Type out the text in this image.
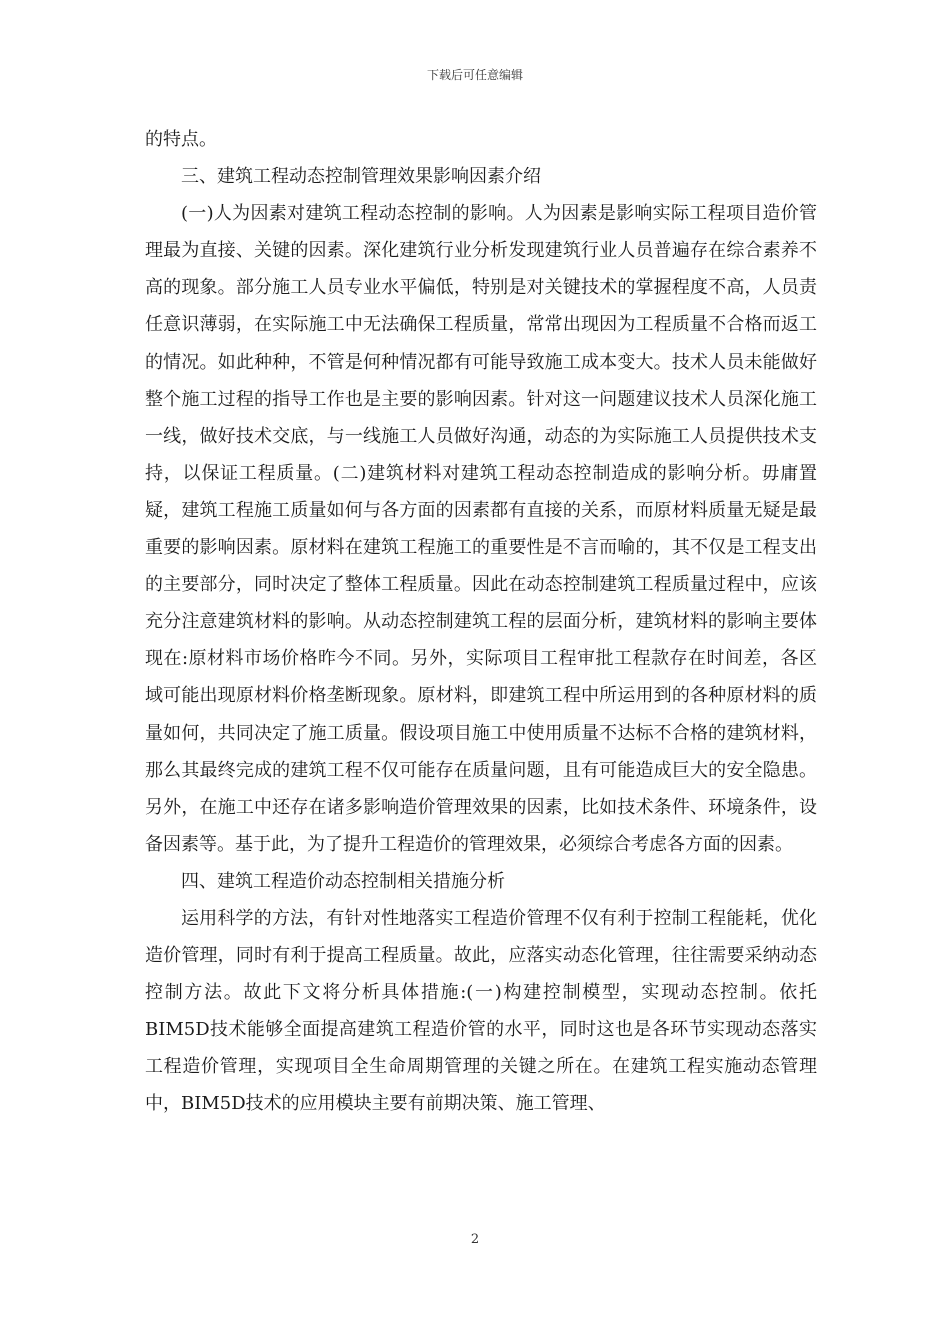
下载后可任意编辑

的特点。

三、建筑工程动态控制管理效果影响因素介绍

(一)人为因素对建筑工程动态控制的影响。人为因素是影响实际工程项目造价管理最为直接、关键的因素。深化建筑行业分析发现建筑行业人员普遍存在综合素养不高的现象。部分施工人员专业水平偏低，特别是对关键技术的掌握程度不高，人员责任意识薄弱，在实际施工中无法确保工程质量，常常出现因为工程质量不合格而返工的情况。如此种种，不管是何种情况都有可能导致施工成本变大。技术人员未能做好整个施工过程的指导工作也是主要的影响因素。针对这一问题建议技术人员深化施工一线，做好技术交底，与一线施工人员做好沟通，动态的为实际施工人员提供技术支持，以保证工程质量。(二)建筑材料对建筑工程动态控制造成的影响分析。毋庸置疑，建筑工程施工质量如何与各方面的因素都有直接的关系，而原材料质量无疑是最重要的影响因素。原材料在建筑工程施工的重要性是不言而喻的，其不仅是工程支出的主要部分，同时决定了整体工程质量。因此在动态控制建筑工程质量过程中，应该充分注意建筑材料的影响。从动态控制建筑工程的层面分析，建筑材料的影响主要体现在:原材料市场价格昨今不同。另外，实际项目工程审批工程款存在时间差，各区域可能出现原材料价格垄断现象。原材料，即建筑工程中所运用到的各种原材料的质量如何，共同决定了施工质量。假设项目施工中使用质量不达标不合格的建筑材料，那么其最终完成的建筑工程不仅可能存在质量问题，且有可能造成巨大的安全隐患。另外，在施工中还存在诸多影响造价管理效果的因素，比如技术条件、环境条件，设备因素等。基于此，为了提升工程造价的管理效果，必须综合考虑各方面的因素。

四、建筑工程造价动态控制相关措施分析

运用科学的方法，有针对性地落实工程造价管理不仅有利于控制工程能耗，优化造价管理，同时有利于提高工程质量。故此，应落实动态化管理，往往需要采纳动态控制方法。故此下文将分析具体措施:(一)构建控制模型，实现动态控制。依托BIM5D技术能够全面提高建筑工程造价管的水平，同时这也是各环节实现动态落实工程造价管理，实现项目全生命周期管理的关键之所在。在建筑工程实施动态管理中，BIM5D技术的应用模块主要有前期决策、施工管理、

2
